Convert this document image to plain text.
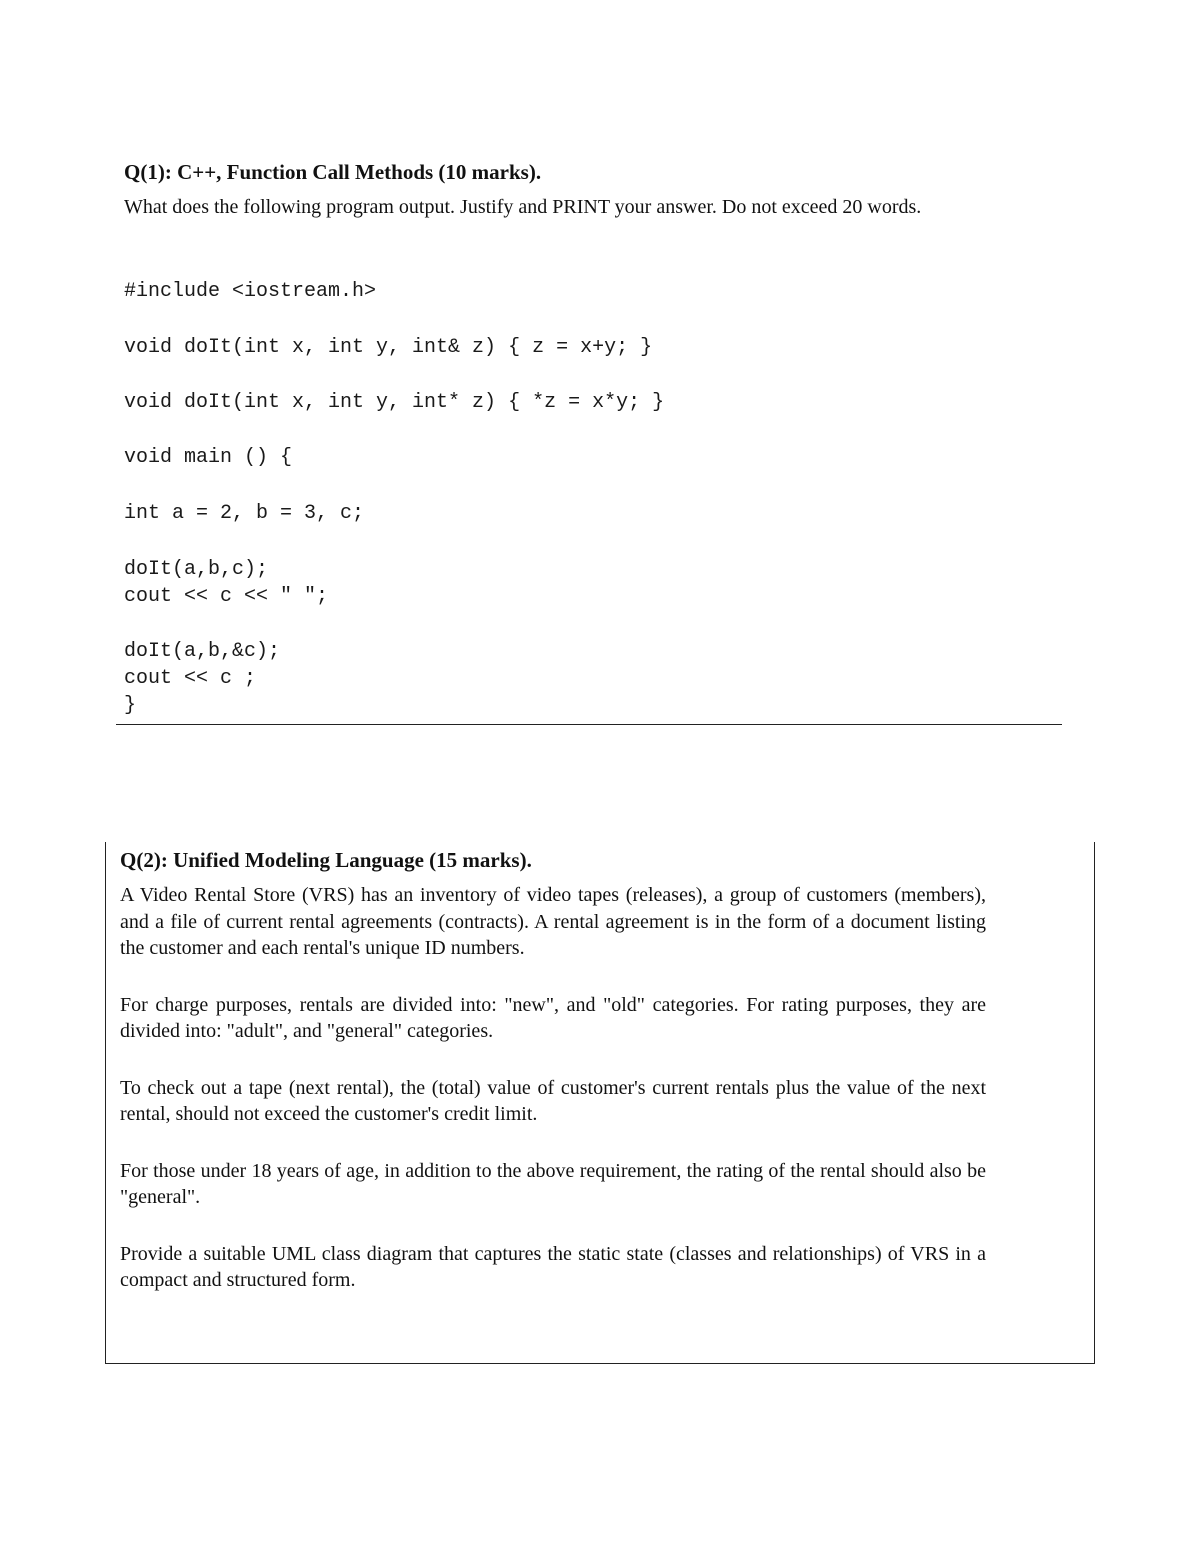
Q(1): C++, Function Call Methods (10 marks).

What does the following program output. Justify and PRINT your answer. Do not exceed 20 words.

#include <iostream.h>
void doIt(int x, int y, int& z) { z = x+y; }
void doIt(int x, int y, int* z) { *z = x*y; }
void main () {
int a = 2, b = 3, c;
doIt(a,b,c);
cout << c << " ";
doIt(a,b,&c);
cout << c ;
}
Q(2): Unified Modeling Language (15 marks).

A Video Rental Store (VRS) has an inventory of video tapes (releases), a group of customers (members), and a file of current rental agreements (contracts). A rental agreement is in the form of a document listing the customer and each rental's unique ID numbers.

For charge purposes, rentals are divided into: "new", and "old" categories. For rating purposes, they are divided into: "adult", and "general" categories.

To check out a tape (next rental), the (total) value of customer's current rentals plus the value of the next rental, should not exceed the customer's credit limit.

For those under 18 years of age, in addition to the above requirement, the rating of the rental should also be "general".

Provide a suitable UML class diagram that captures the static state (classes and relationships) of VRS in a compact and structured form.
